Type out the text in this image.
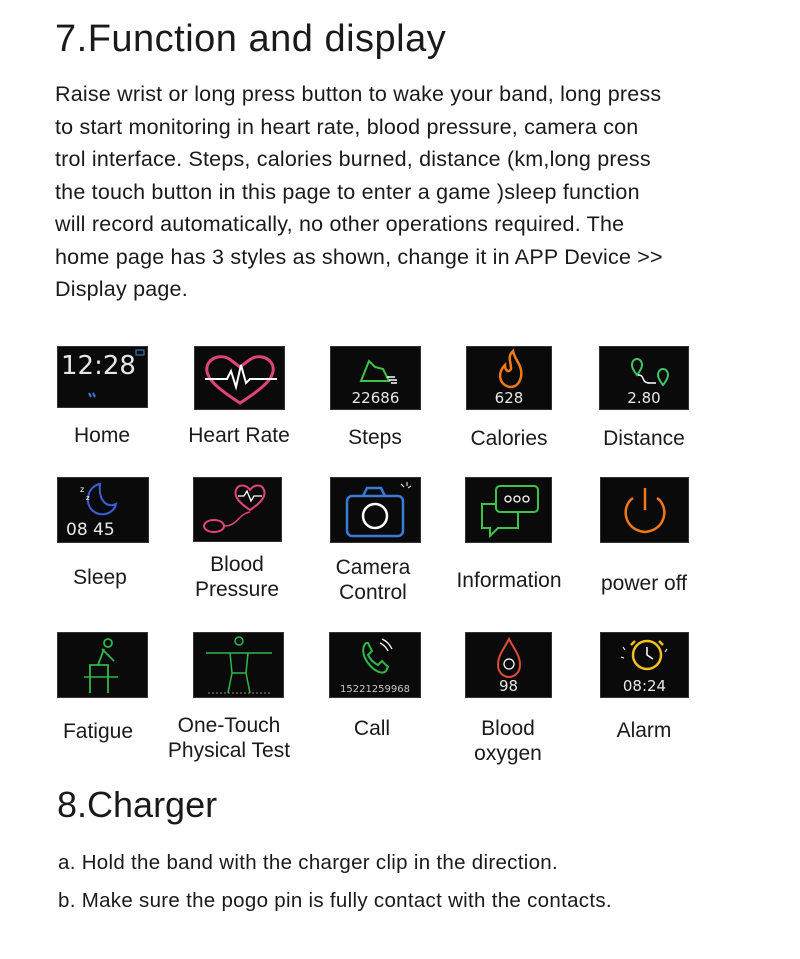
7.Function and display

Raise wrist or long press button to wake your band, long press
to start monitoring in heart rate, blood pressure, camera con
trol interface. Steps, calories burned, distance (km,long press
the touch button in this page to enter a game )sleep function
will record automatically, no other operations required. The
home page has 3 styles as shown, change it in APP Device >>
Display page.

12:28
Home	Heart Rate
22686
Steps
628
Calories
2.80
Distance
z
z
08 45
Sleep
Blood
Pressure
Camera
Control
Information	power off
Fatigue	One-Touch
Physical Test
15221259968
Call
98
Blood
oxygen
08:24
Alarm
8.Charger
a. Hold the band with the charger clip in the direction.
b. Make sure the pogo pin is fully contact with the contacts.
